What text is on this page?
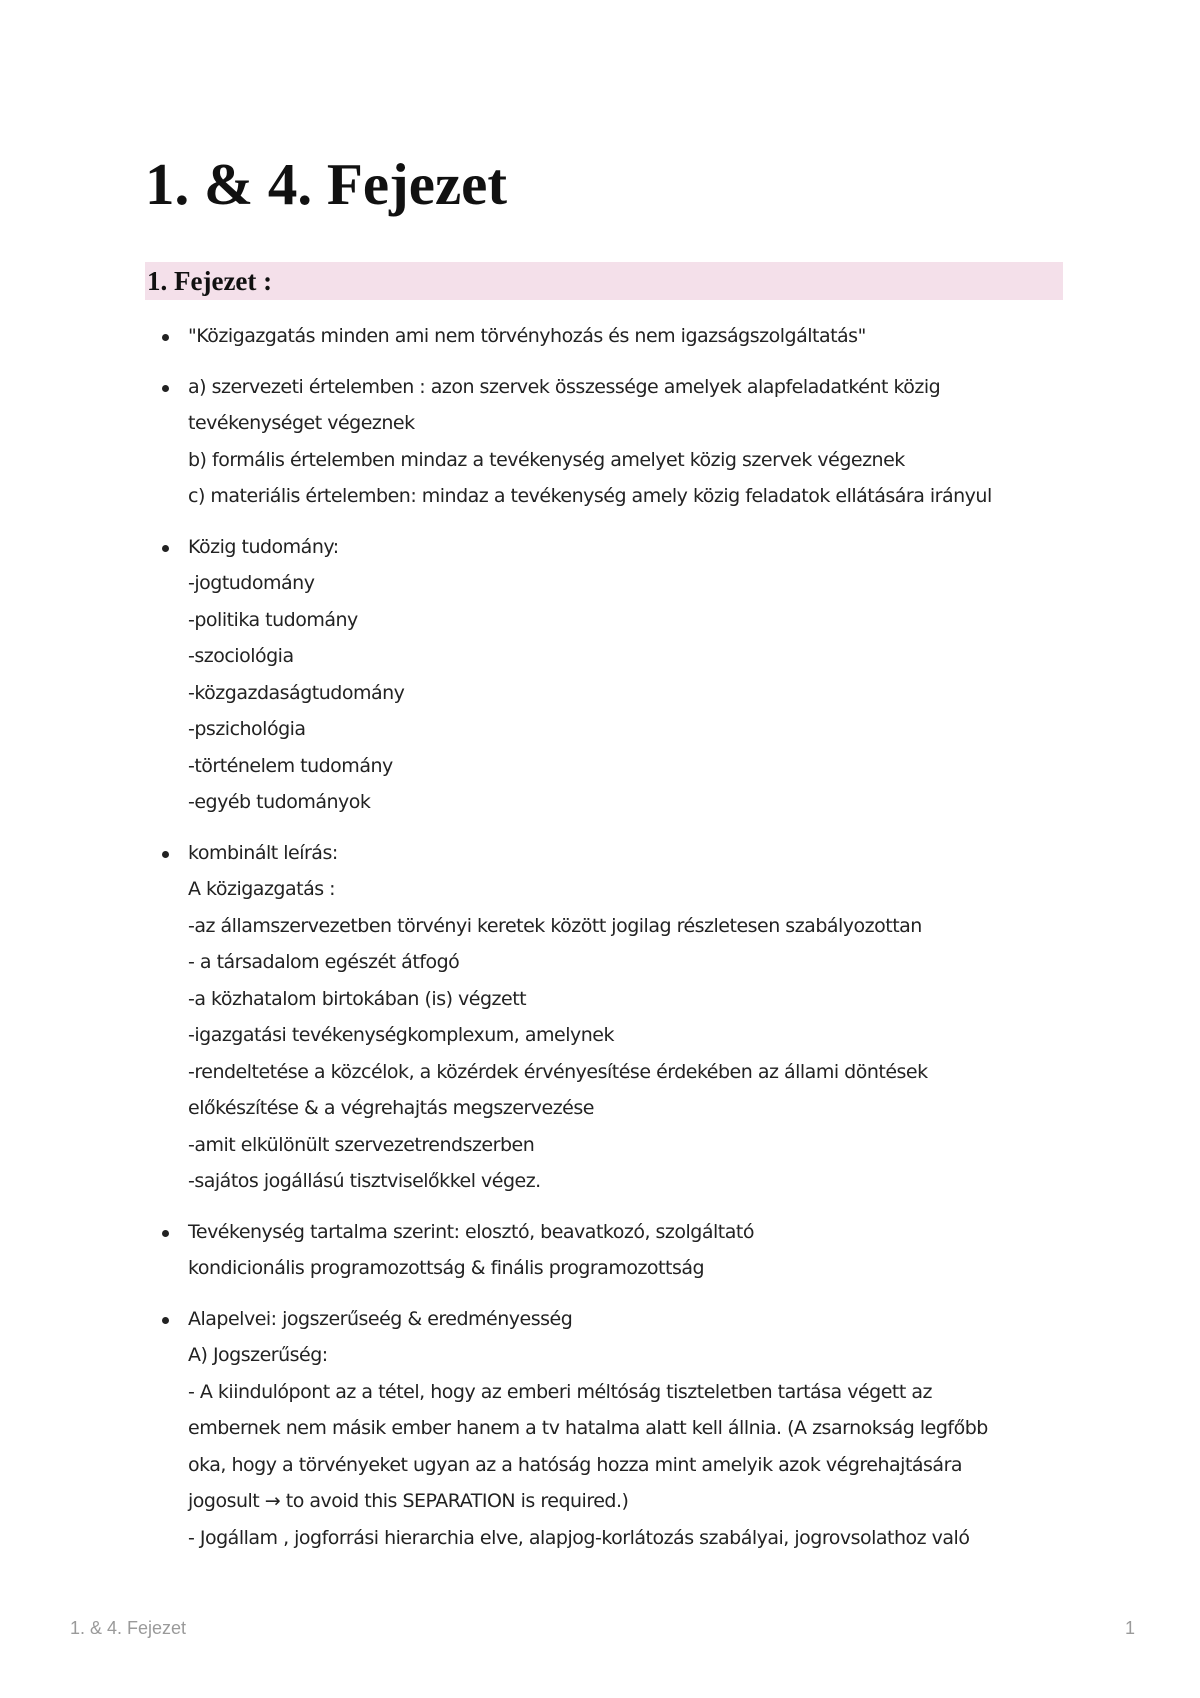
1. & 4. Fejezet
1. Fejezet :
"Közigazgatás minden ami nem törvényhozás és nem igazságszolgáltatás"
a) szervezeti értelemben : azon szervek összessége amelyek alapfeladatként közig
tevékenységet végeznek
b) formális értelemben mindaz a tevékenység amelyet közig szervek végeznek
c) materiális értelemben: mindaz a tevékenység amely közig feladatok ellátására irányul
Közig tudomány:
-jogtudomány
-politika tudomány
-szociológia
-közgazdaságtudomány
-pszichológia
-történelem tudomány
-egyéb tudományok
kombinált leírás:
A közigazgatás :
-az államszervezetben törvényi keretek között jogilag részletesen szabályozottan
- a társadalom egészét átfogó
-a közhatalom birtokában (is) végzett
-igazgatási tevékenységkomplexum, amelynek
-rendeltetése a közcélok, a közérdek érvényesítése érdekében az állami döntések
előkészítése & a végrehajtás megszervezése
-amit elkülönült szervezetrendszerben
-sajátos jogállású tisztviselőkkel végez.
Tevékenység tartalma szerint: elosztó, beavatkozó, szolgáltató
kondicionális programozottság & finális programozottság
Alapelvei: jogszerűseég & eredményesség
A) Jogszerűség:
- A kiindulópont az a tétel, hogy az emberi méltóság tiszteletben tartása végett az
embernek nem másik ember hanem a tv hatalma alatt kell állnia. (A zsarnokság legfőbb
oka, hogy a törvényeket ugyan az a hatóság hozza mint amelyik azok végrehajtására
jogosult → to avoid this SEPARATION is required.)
- Jogállam , jogforrási hierarchia elve, alapjog-korlátozás szabályai, jogrovsolathoz való
1. & 4. Fejezet	1
